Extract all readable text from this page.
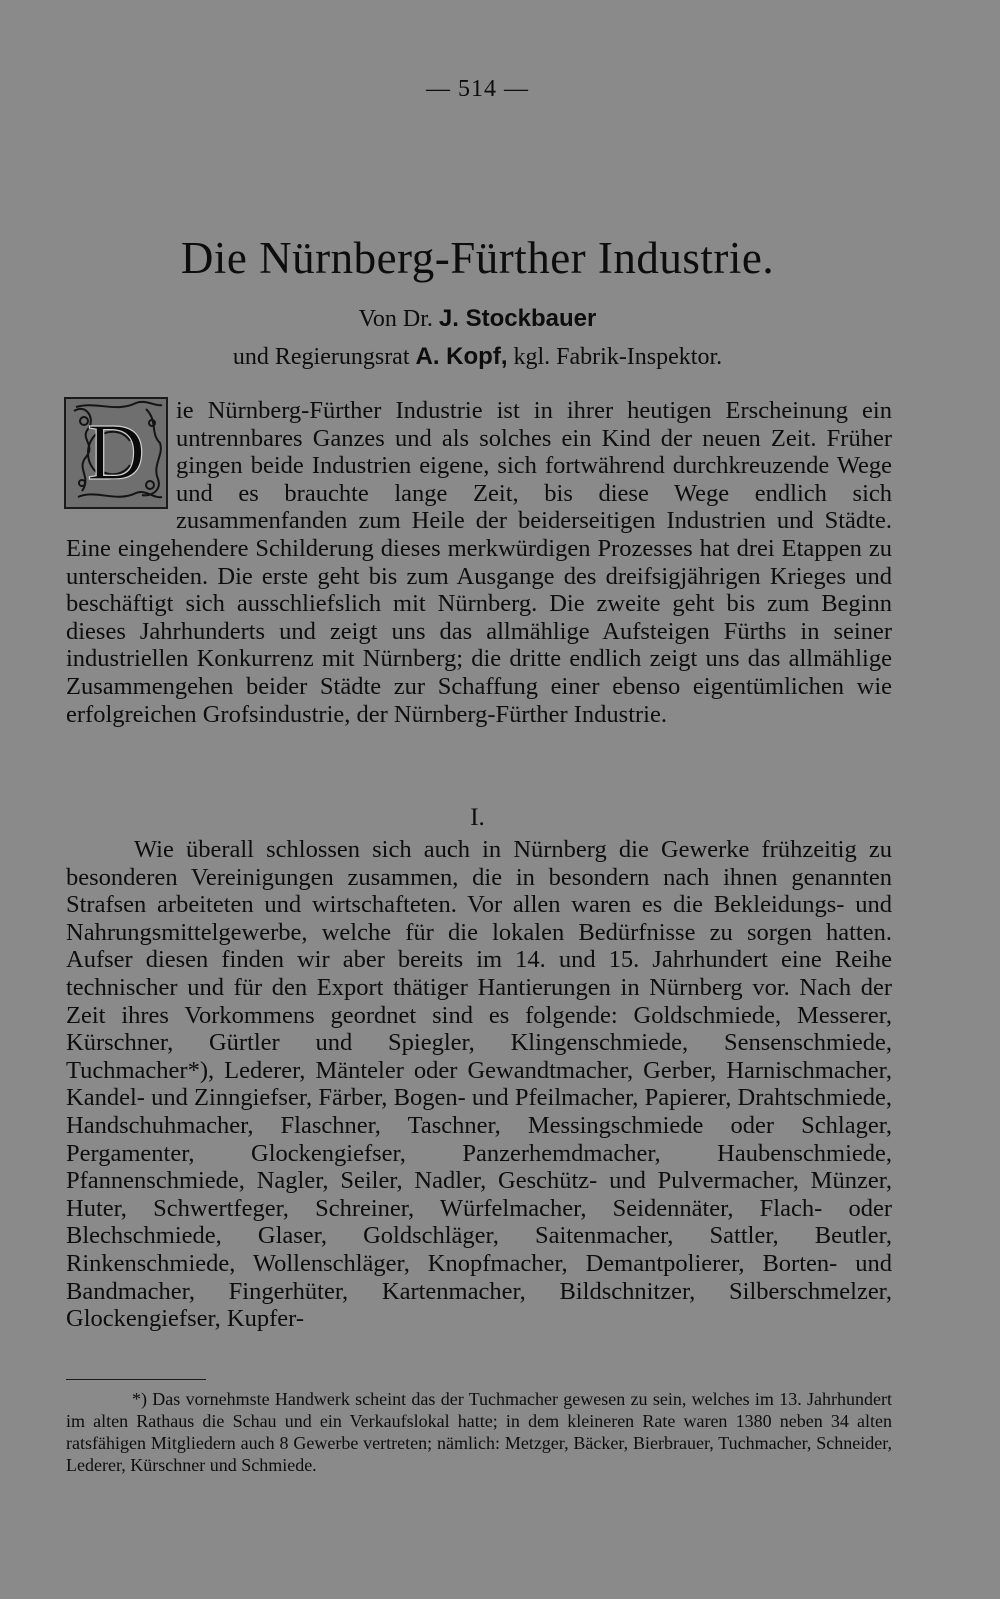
— 514 —
Die Nürnberg-Fürther Industrie.
Von Dr. J. Stockbauer
und Regierungsrat A. Kopf, kgl. Fabrik-Inspektor.
D ie Nürnberg-Fürther Industrie ist in ihrer heutigen Erscheinung ein untrennbares Ganzes und als solches ein Kind der neuen Zeit. Früher gingen beide Industrien eigene, sich fortwährend durchkreuzende Wege und es brauchte lange Zeit, bis diese Wege endlich sich zusammenfanden zum Heile der beiderseitigen Industrien und Städte. Eine eingehendere Schilderung dieses merkwürdigen Prozesses hat drei Etappen zu unterscheiden. Die erste geht bis zum Ausgange des dreifsigjährigen Krieges und beschäftigt sich ausschliefslich mit Nürnberg. Die zweite geht bis zum Beginn dieses Jahrhunderts und zeigt uns das allmählige Aufsteigen Fürths in seiner industriellen Konkurrenz mit Nürnberg; die dritte endlich zeigt uns das allmählige Zusammengehen beider Städte zur Schaffung einer ebenso eigentümlichen wie erfolgreichen Grofsindustrie, der Nürnberg-Fürther Industrie.
I.
Wie überall schlossen sich auch in Nürnberg die Gewerke frühzeitig zu besonderen Vereinigungen zusammen, die in besondern nach ihnen genannten Strafsen arbeiteten und wirtschafteten. Vor allen waren es die Bekleidungs- und Nahrungsmittelgewerbe, welche für die lokalen Bedürfnisse zu sorgen hatten. Aufser diesen finden wir aber bereits im 14. und 15. Jahrhundert eine Reihe technischer und für den Export thätiger Hantierungen in Nürnberg vor. Nach der Zeit ihres Vorkommens geordnet sind es folgende: Goldschmiede, Messerer, Kürschner, Gürtler und Spiegler, Klingenschmiede, Sensenschmiede, Tuchmacher*), Lederer, Mänteler oder Gewandtmacher, Gerber, Harnischmacher, Kandel- und Zinngiefser, Färber, Bogen- und Pfeilmacher, Papierer, Drahtschmiede, Handschuhmacher, Flaschner, Taschner, Messingschmiede oder Schlager, Pergamenter, Glockengiefser, Panzerhemdmacher, Haubenschmiede, Pfannenschmiede, Nagler, Seiler, Nadler, Geschütz- und Pulvermacher, Münzer, Huter, Schwertfeger, Schreiner, Würfelmacher, Seidennäter, Flach- oder Blechschmiede, Glaser, Goldschläger, Saitenmacher, Sattler, Beutler, Rinkenschmiede, Wollenschläger, Knopfmacher, Demantpolierer, Borten- und Bandmacher, Fingerhüter, Kartenmacher, Bildschnitzer, Silberschmelzer, Glockengiefser, Kupfer-
*) Das vornehmste Handwerk scheint das der Tuchmacher gewesen zu sein, welches im 13. Jahrhundert im alten Rathaus die Schau und ein Verkaufslokal hatte; in dem kleineren Rate waren 1380 neben 34 alten ratsfähigen Mitgliedern auch 8 Gewerbe vertreten; nämlich: Metzger, Bäcker, Bierbrauer, Tuchmacher, Schneider, Lederer, Kürschner und Schmiede.
